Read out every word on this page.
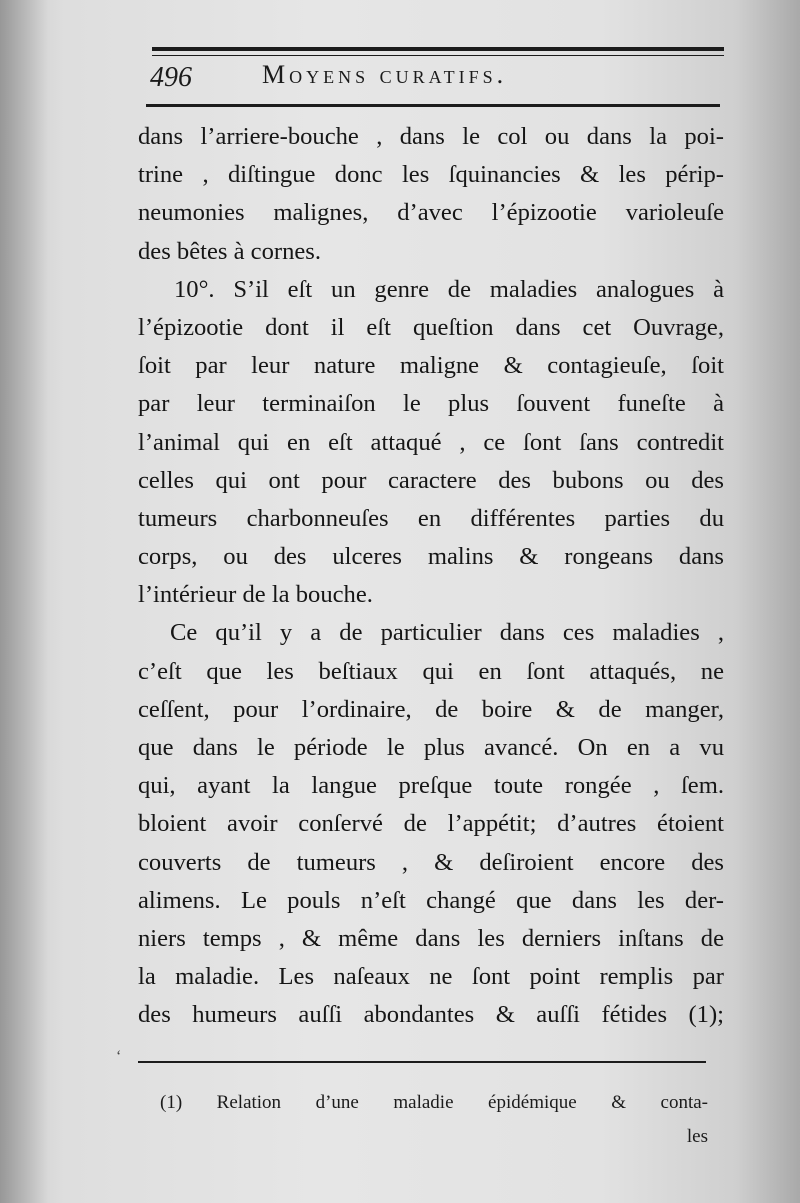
496	Moyens curatifs.
dans l’arriere-bouche , dans le col ou dans la poi-
trine , diſtingue donc les ſquinancies & les périp-
neumonies malignes, d’avec l’épizootie varioleuſe
des bêtes à cornes.
10°. S’il eſt un genre de maladies analogues à
l’épizootie dont il eſt queſtion dans cet Ouvrage,
ſoit par leur nature maligne & contagieuſe, ſoit
par leur terminaiſon le plus ſouvent funeſte à
l’animal qui en eſt attaqué , ce ſont ſans contredit
celles qui ont pour caractere des bubons ou des
tumeurs charbonneuſes en différentes parties du
corps, ou des ulceres malins & rongeans dans
l’intérieur de la bouche.
Ce qu’il y a de particulier dans ces maladies ,
c’eſt que les beſtiaux qui en ſont attaqués, ne
ceſſent, pour l’ordinaire, de boire & de manger,
que dans le période le plus avancé. On en a vu
qui, ayant la langue preſque toute rongée , ſem.
bloient avoir conſervé de l’appétit; d’autres étoient
couverts de tumeurs , & deſiroient encore des
alimens. Le pouls n’eſt changé que dans les der-
niers temps , & même dans les derniers inſtans de
la maladie. Les naſeaux ne ſont point remplis par
des humeurs auſſi abondantes & auſſi fétides (1);
‘
(1) Relation d’une maladie épidémique & conta-
les
